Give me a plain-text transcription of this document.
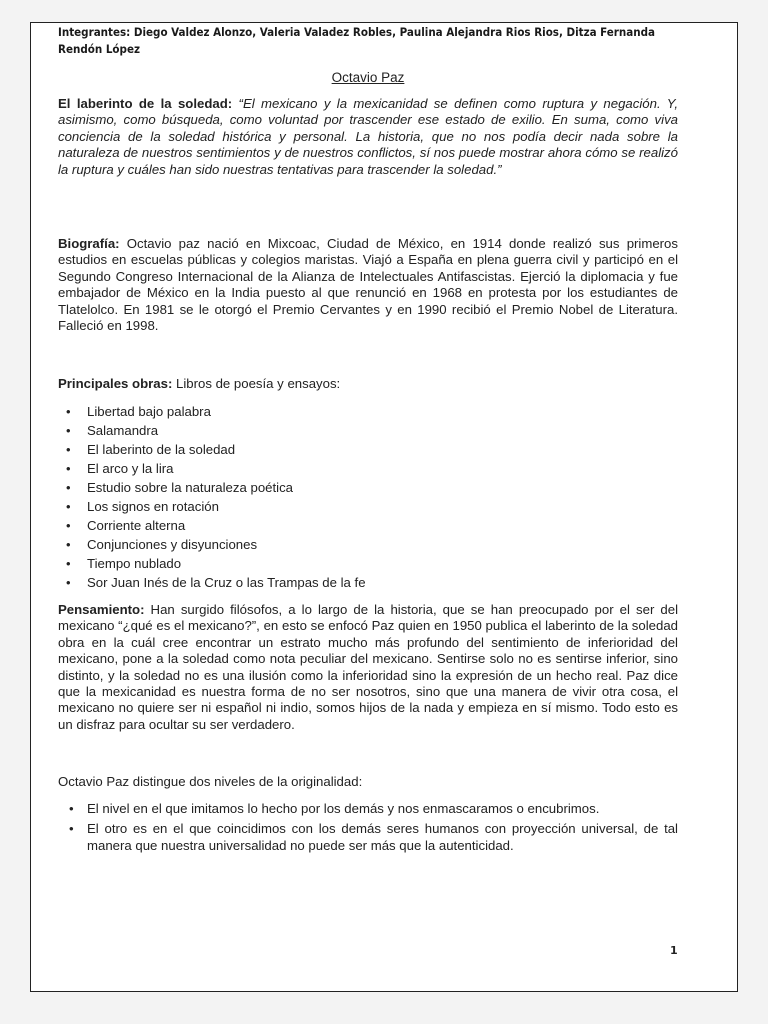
Integrantes: Diego Valdez Alonzo, Valeria Valadez Robles, Paulina Alejandra Rios Rios, Ditza Fernanda Rendón López
Octavio Paz
El laberinto de la soledad: “El mexicano y la mexicanidad se definen como ruptura y negación. Y, asimismo, como búsqueda, como voluntad por trascender ese estado de exilio. En suma, como viva conciencia de la soledad histórica y personal. La historia, que no nos podía decir nada sobre la naturaleza de nuestros sentimientos y de nuestros conflictos, sí nos puede mostrar ahora cómo se realizó la ruptura y cuáles han sido nuestras tentativas para trascender la soledad.”
Biografía: Octavio paz nació en Mixcoac, Ciudad de México, en 1914 donde realizó sus primeros estudios en escuelas públicas y colegios maristas. Viajó a España en plena guerra civil y participó en el Segundo Congreso Internacional de la Alianza de Intelectuales Antifascistas. Ejerció la diplomacia y fue embajador de México en la India puesto al que renunció en 1968 en protesta por los estudiantes de Tlatelolco. En 1981 se le otorgó el Premio Cervantes y en 1990 recibió el Premio Nobel de Literatura. Falleció en 1998.
Principales obras: Libros de poesía y ensayos:
• Libertad bajo palabra
• Salamandra
• El laberinto de la soledad
• El arco y la lira
• Estudio sobre la naturaleza poética
• Los signos en rotación
• Corriente alterna
• Conjunciones y disyunciones
• Tiempo nublado
• Sor Juan Inés de la Cruz o las Trampas de la fe
Pensamiento: Han surgido filósofos, a lo largo de la historia, que se han preocupado por el ser del mexicano “¿qué es el mexicano?”, en esto se enfocó Paz quien en 1950 publica el laberinto de la soledad obra en la cuál cree encontrar un estrato mucho más profundo del sentimiento de inferioridad del mexicano, pone a la soledad como nota peculiar del mexicano. Sentirse solo no es sentirse inferior, sino distinto, y la soledad no es una ilusión como la inferioridad sino la expresión de un hecho real. Paz dice que la mexicanidad es nuestra forma de no ser nosotros, sino que una manera de vivir otra cosa, el mexicano no quiere ser ni español ni indio, somos hijos de la nada y empieza en sí mismo. Todo esto es un disfraz para ocultar su ser verdadero.
Octavio Paz distingue dos niveles de la originalidad:
• El nivel en el que imitamos lo hecho por los demás y nos enmascaramos o encubrimos.
• El otro es en el que coincidimos con los demás seres humanos con proyección universal, de tal manera que nuestra universalidad no puede ser más que la autenticidad.
1
